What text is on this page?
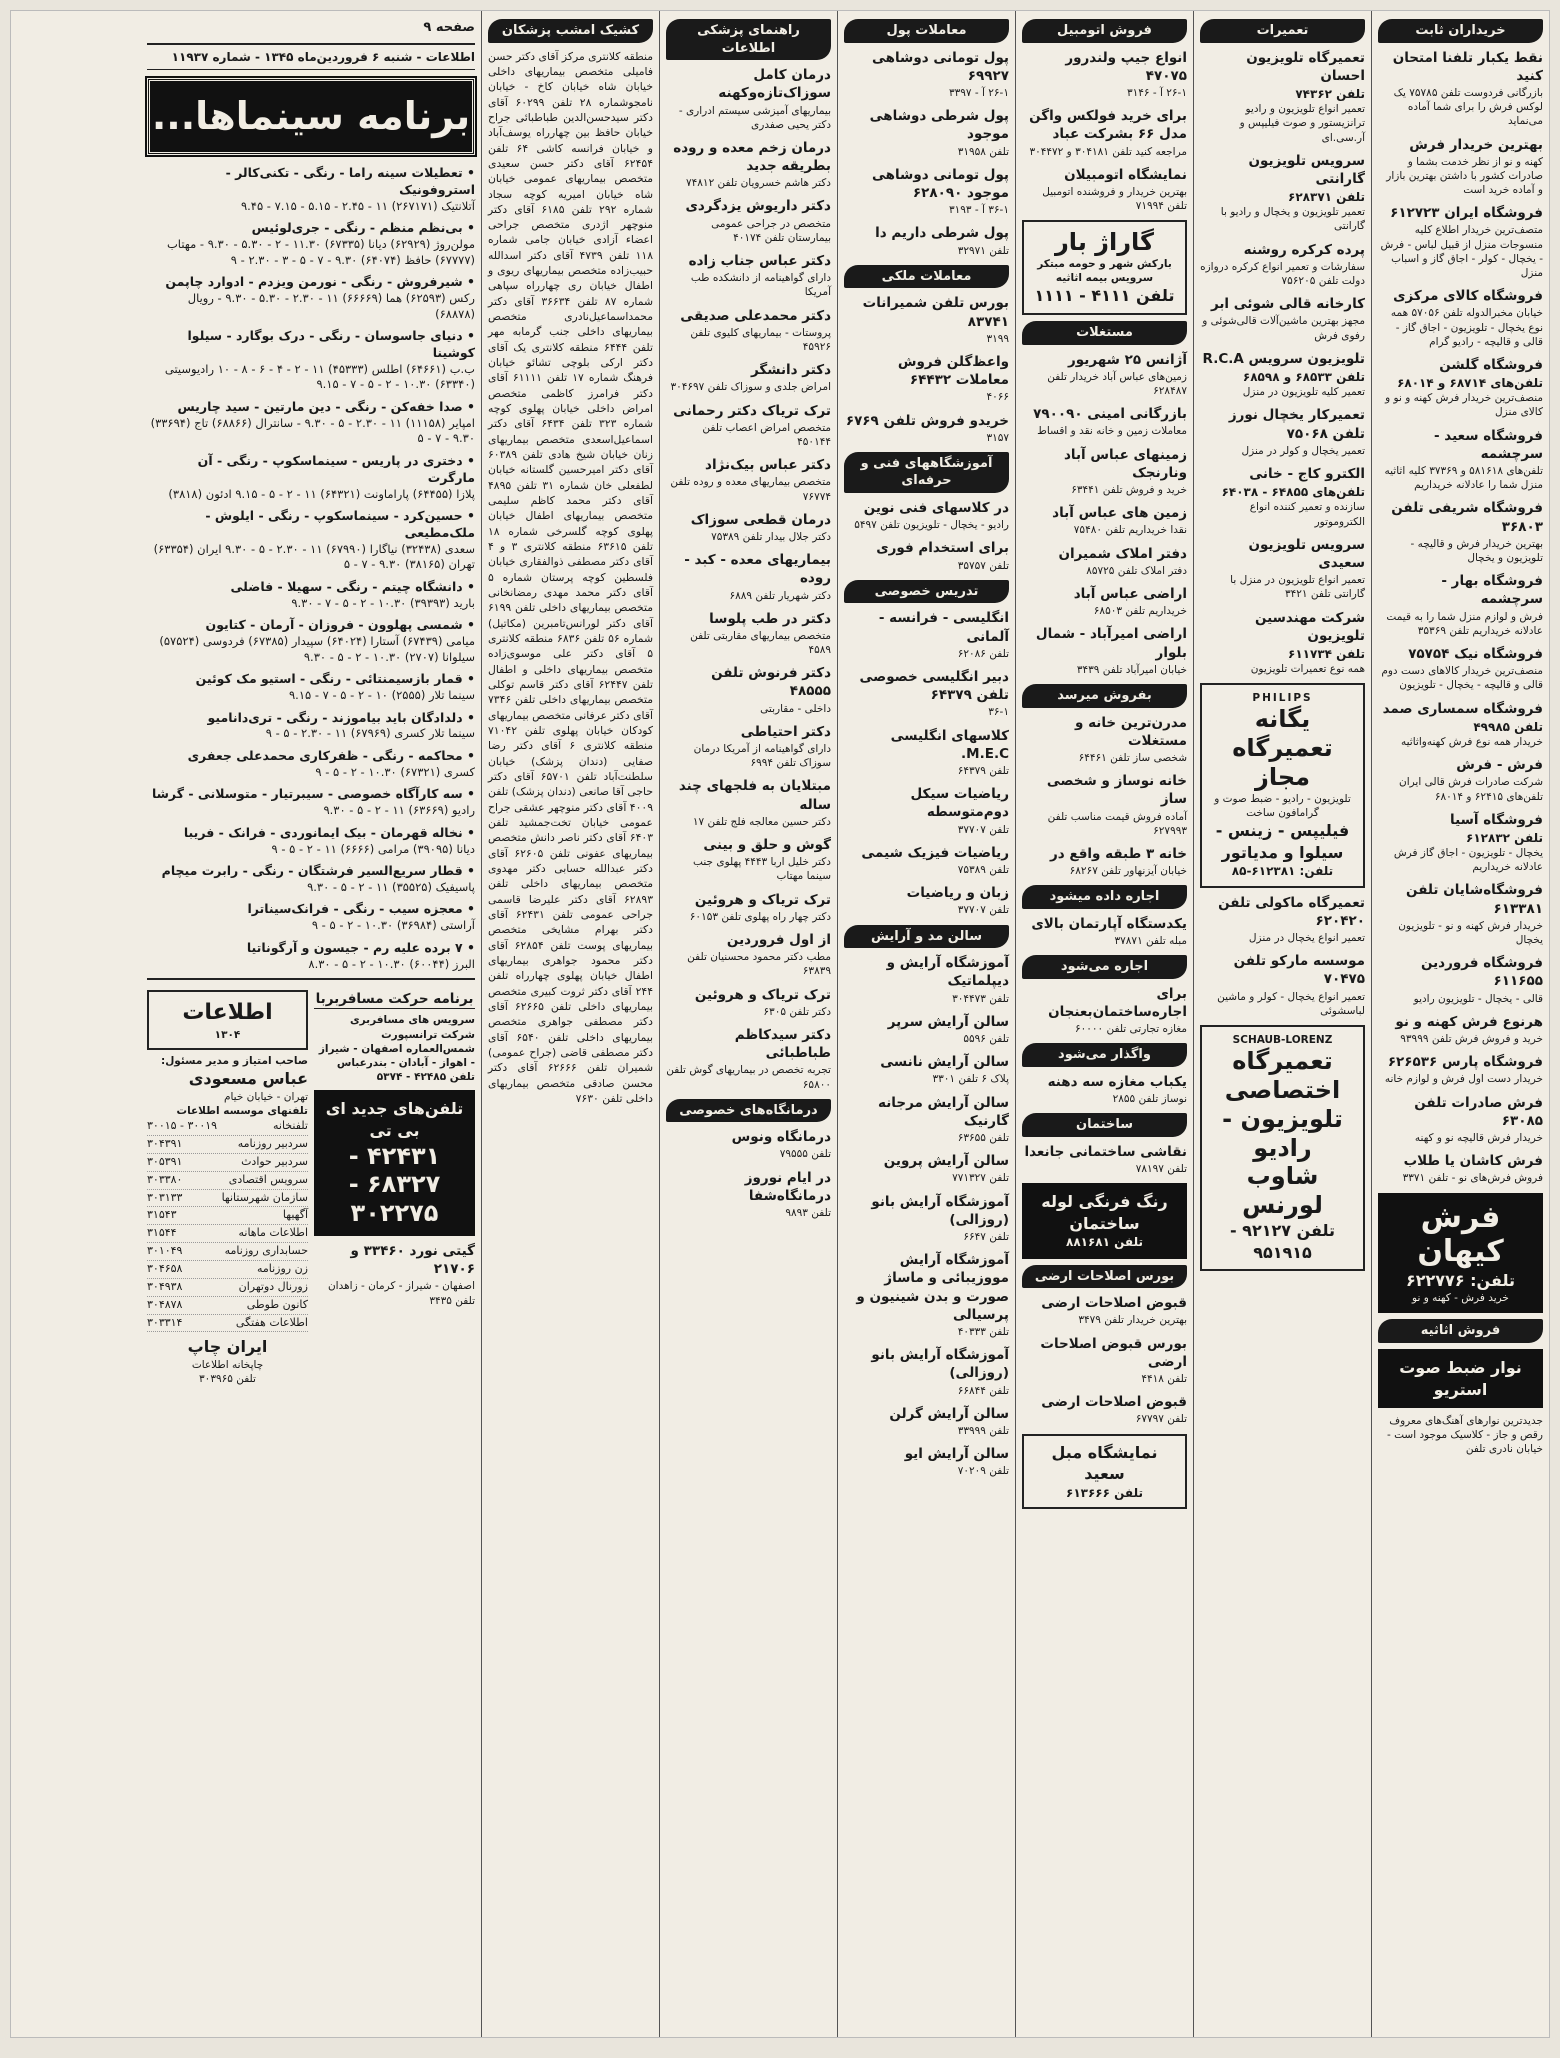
خریداران ثابت
نقط یکبار تلفنا امتحان کنید
بازرگانی فردوست تلفن ۷۵۷۸۵ یک لوکس فرش را برای شما آماده می‌نماید
بهترین خریدار فرش
کهنه و نو از نظر خدمت بشما و صادرات کشور با داشتن بهترین بازار و آماده خرید است
فروشگاه ایران ۶۱۲۷۲۳
متصف‌ترین خریدار اطلاع کلیه منسوجات منزل از قبیل لباس - فرش - یخچال - کولر - اجاق گاز و اسباب منزل
فروشگاه کالای مرکزی
خیابان مخبرالدوله تلفن ۵۷۰۵۶ همه نوع یخچال - تلویزیون - اجاق گاز - قالی و قالیچه - رادیو گرام
فروشگاه گلشن
تلفن‌های ۶۸۷۱۴ و ۶۸۰۱۴
منصف‌ترین خریدار فرش کهنه و نو و کالای منزل
فروشگاه سعید - سرچشمه
تلفن‌های ۵۸۱۶۱۸ و ۳۷۳۶۹ کلیه اثاثیه منزل شما را عادلانه خریداریم
فروشگاه شریفی تلفن ۳۶۸۰۳
بهترین خریدار فرش و قالیچه - تلویزیون و یخچال
فروشگاه بهار - سرچشمه
فرش و لوازم منزل شما را به قیمت عادلانه خریداریم تلفن ۳۵۳۶۹
فروشگاه نیک ۷۵۷۵۴
منصف‌ترین خریدار کالاهای دست دوم قالی و قالیچه - یخچال - تلویزیون
فروشگاه سمساری صمد
تلفن ۴۹۹۸۵
خریدار همه نوع فرش کهنه‌واثاثیه
فرش - فرش
شرکت صادرات فرش قالی ایران تلفن‌های ۶۲۴۱۵ و ۶۸۰۱۴
فروشگاه آسیا
تلفن ۶۱۲۸۳۲
یخچال - تلویزیون - اجاق گاز فرش عادلانه خریداریم
فروشگاه‌شایان تلفن ۶۱۳۳۸۱
خریدار فرش کهنه و نو - تلویزیون یخچال
فروشگاه فروردین ۶۱۱۶۵۵
قالی - یخچال - تلویزیون رادیو
هرنوع فرش کهنه و نو
خرید و فروش فرش تلفن ۹۳۹۹۹
فروشگاه پارس ۶۲۶۵۳۶
خریدار دست اول فرش و لوازم خانه
فرش صادرات تلفن ۶۳۰۸۵
خریدار فرش قالیچه نو و کهنه
فرش کاشان یا طلاب
فروش فرش‌های نو - تلفن ۳۳۷۱
فرش کیهان
تلفن: ۶۲۲۷۷۶
خرید فرش - کهنه و نو
فروش اثاثیه
نوار ضبط صوت استریو
جدیدترین نوارهای آهنگ‌های معروف رقص و جاز - کلاسیک موجود است - خیابان نادری تلفن
تعمیرات
تعمیرگاه تلویزیون احسان
تلفن ۷۴۳۶۲
تعمیر انواع تلویزیون و رادیو ترانزیستور و صوت فیلیپس و آر.سی.ای
سرویس تلویزیون گارانتی
تلفن ۶۲۸۳۷۱
تعمیر تلویزیون و یخچال و رادیو با گارانتی
پرده کرکره روشنه
سفارشات و تعمیر انواع کرکره دروازه دولت تلفن ۷۵۶۲۰۵
کارخانه قالی شوئی ابر
مجهز بهترین ماشین‌آلات قالی‌شوئی و رفوی فرش
تلویزیون سرویس R.C.A
تلفن ۶۸۵۳۳ و ۶۸۵۹۸
تعمیر کلیه تلویزیون در منزل
تعمیرکار یخچال نورز تلفن ۷۵۰۶۸
تعمیر یخچال و کولر در منزل
الکترو کاج - خانی
تلفن‌های ۶۴۸۵۵ - ۶۴۰۳۸
سازنده و تعمیر کننده انواع الکتروموتور
سرویس تلویزیون سعیدی
تعمیر انواع تلویزیون در منزل با گارانتی تلفن ۳۴۲۱
شرکت مهندسین تلویزیون
تلفن ۶۱۱۷۳۴
همه نوع تعمیرات تلویزیون
PHILIPS
یگانه تعمیرگاه مجاز
تلویزیون - رادیو - ضبط صوت و گرامافون ساخت
فیلیپس - زینس - سیلوا و مدیاتور
تلفن: ۶۱۲۳۸۱-۸۵
تعمیرگاه ماکولی تلفن ۶۲۰۴۲۰
تعمیر انواع یخچال در منزل
موسسه مارکو تلفن ۷۰۴۷۵
تعمیر انواع یخچال - کولر و ماشین لباسشوئی
SCHAUB-LORENZ
تعمیرگاه اختصاصی
تلویزیون - رادیو
شاوب لورنس
تلفن ۹۲۱۲۷ - ۹۵۱۹۱۵
فروش اتومبیل
انواع جیپ ولندرور ۴۷۰۷۵
۲۶-۱ آ - ۳۱۴۶
برای خرید فولکس واگن مدل ۶۶ بشرکت عباد
مراجعه کنید تلفن ۳۰۴۱۸۱ و ۳۰۴۴۷۲
نمایشگاه اتومبیلان
بهترین خریدار و فروشنده اتومبیل تلفن ۷۱۹۹۴
گاراژ بار
بارکش شهر و حومه مبتکر سرویس بیمه اثاثیه
تلفن ۴۱۱۱ - ۱۱۱۱
مستغلات
آژانس ۲۵ شهریور
زمین‌های عباس آباد خریدار تلفن ۶۲۸۴۸۷
بازرگانی امینی ۷۹۰۰۹۰
معاملات زمین و خانه نقد و اقساط
زمینهای عباس آباد ونارنجک
خرید و فروش تلفن ۶۳۴۴۱
زمین های عباس آباد
نقدا خریداریم تلفن ۷۵۴۸۰
دفتر املاک شمیران
دفتر املاک تلفن ۸۵۷۲۵
اراضی عباس آباد
خریداریم تلفن ۶۸۵۰۳
اراضی امیرآباد - شمال بلوار
خیابان امیرآباد تلفن ۳۴۳۹
بفروش میرسد
مدرن‌ترین خانه و مستغلات
شخصی ساز تلفن ۶۴۴۶۱
خانه نوساز و شخصی ساز
آماده فروش قیمت مناسب تلفن ۶۲۷۹۹۳
خانه ۳ طبقه واقع در
خیابان آیزنهاور تلفن ۶۸۲۶۷
اجاره داده میشود
یکدستگاه آپارتمان بالای
مبله تلفن ۳۷۸۷۱
اجاره می‌شود
برای اجاره‌ساختمان‌بعنجان
مغازه تجارتی تلفن ۶۰۰۰۰
واگذار می‌شود
یکباب مغازه سه دهنه
نوساز تلفن ۲۸۵۵
ساختمان
نقاشی ساختمانی جانعدا
تلفن ۷۸۱۹۷
رنگ فرنگی لوله ساختمان
تلفن ۸۸۱۶۸۱
بورس اصلاحات ارضی
قبوض اصلاحات ارضی
بهترین خریدار تلفن ۳۴۷۹
بورس قبوض اصلاحات ارضی
تلفن ۴۴۱۸
قبوض اصلاحات ارضی
تلفن ۶۷۷۹۷
نمایشگاه مبل سعید
تلفن ۶۱۳۶۶۶
معاملات پول
پول تومانی دوشاهی ۶۹۹۲۷
۲۶-۱ آ - ۳۳۹۷
پول شرطی دوشاهی موجود
تلفن ۳۱۹۵۸
پول تومانی دوشاهی موجود ۶۲۸۰۹۰
۳۶-۱ آ - ۳۱۹۳
پول شرطی داریم دا
تلفن ۳۲۹۷۱
معاملات ملکی
بورس تلفن شمیرانات ۸۳۷۴۱
۳۱۹۹
واعظ‌گلن فروش معاملات ۶۴۴۳۲
۴۰۶۶
خریدو فروش تلفن ۶۷۶۹
۳۱۵۷
آموزشگاههای فنی و حرفه‌ای
در کلاسهای فنی نوین
رادیو - یخچال - تلویزیون تلفن ۵۴۹۷
برای استخدام فوری
تلفن ۳۵۷۵۷
تدریس خصوصی
انگلیسی - فرانسه - آلمانی
تلفن ۶۲۰۸۶
دبیر انگلیسی خصوصی تلفن ۶۴۳۷۹
۳۶-۱
کلاسهای انگلیسی M.E.C.
تلفن ۶۴۳۷۹
ریاضیات سیکل دوم‌متوسطه
تلفن ۳۷۷۰۷
ریاضیات فیزیک شیمی
تلفن ۷۵۳۸۹
زبان و ریاضیات
تلفن ۳۷۷۰۷
سالن مد و آرایش
آموزشگاه آرایش و دیپلماتیک
تلفن ۳۰۴۴۷۳
سالن آرایش سرپر
تلفن ۵۵۹۶
سالن آرایش نانسی
پلاک ۶ تلفن ۳۳۰۱
سالن آرایش مرجانه گارنیک
تلفن ۶۳۶۵۵
سالن آرایش پروین
تلفن ۷۷۱۳۲۷
آموزشگاه آرایش بانو (روزالی)
تلفن ۶۶۴۷
آموزشگاه آرایش مووزیبائی و ماساژ صورت و بدن شینیون و پرسیالی
تلفن ۴۰۳۳۳
آموزشگاه آرایش بانو (روزالی)
تلفن ۶۶۸۴۴
سالن آرایش گرلن
تلفن ۳۳۹۹۹
سالن آرایش ایو
تلفن ۷۰۲۰۹
راهنمای پزشکی اطلاعات
درمان کامل سوزاک‌تازه‌وکهنه
بیماریهای آمیزشی سیستم ادراری - دکتر یحیی صفدری
درمان زخم معده و روده بطریقه جدید
دکتر هاشم خسرویان تلفن ۷۴۸۱۲
دکتر داریوش یزدگردی
متخصص در جراحی عمومی بیمارستان تلفن ۴۰۱۷۴
دکتر عباس جناب زاده
دارای گواهینامه از دانشکده طب آمریکا
دکتر محمدعلی صدیقی
پروستات - بیماریهای کلیوی تلفن ۴۵۹۲۶
دکتر دانشگر
امراض جلدی و سوزاک تلفن ۳۰۴۶۹۷
ترک تریاک دکتر رحمانی
متخصص امراض اعصاب تلفن ۴۵۰۱۴۴
دکتر عباس بیک‌نژاد
متخصص بیماریهای معده و روده تلفن ۷۶۷۷۴
درمان قطعی سوزاک
دکتر جلال بیدار تلفن ۷۵۳۸۹
بیماریهای معده - کبد - روده
دکتر شهریار تلفن ۶۸۸۹
دکتر در طب پلوسا
متخصص بیماریهای مقاربتی تلفن ۴۵۸۹
دکتر فرنوش تلفن ۴۸۵۵۵
داخلی - مقاربتی
دکتر احتیاطی
دارای گواهینامه از آمریکا درمان سوزاک تلفن ۶۹۹۴
مبتلایان به فلجهای چند ساله
دکتر حسین معالجه فلج تلفن ۱۷
گوش و حلق و بینی
دکتر خلیل اربا ۴۴۴۳ پهلوی جنب سینما مهتاب
ترک تریاک و هروئین
دکتر چهار راه پهلوی تلفن ۶۰۱۵۳
از اول فروردین
مطب دکتر محمود محسنیان تلفن ۶۳۸۳۹
ترک تریاک و هروئین
دکتر تلفن ۶۳۰۵
دکتر سیدکاظم طباطبائی
تجربه تخصص در بیماریهای گوش تلفن ۶۵۸۰۰
درمانگاه‌های خصوصی
درمانگاه ونوس
تلفن ۷۹۵۵۵
در ایام نوروز درمانگاه‌شفا
تلفن ۹۸۹۳
کشیک امشب پزشکان
منطقه کلانتری مرکز آقای دکتر حسن فامیلی متخصص بیماریهای داخلی خیابان شاه خیابان کاخ - خیابان نامجوشماره ۲۸ تلفن ۶۰۲۹۹ آقای دکتر سیدحسن‌الدین طباطبائی جراح خیابان حافظ بین چهارراه یوسف‌آباد و خیابان فرانسه کاشی ۶۴ تلفن ۶۲۴۵۴ آقای دکتر حسن سعیدی متخصص بیماریهای عمومی خیابان شاه خیابان امیریه کوچه سجاد شماره ۲۹۲ تلفن ۶۱۸۵ آقای دکتر منوچهر اژدری متخصص جراحی اعضاء آزادی خیابان جامی شماره ۱۱۸ تلفن ۴۷۳۹ آقای دکتر اسدالله حبیب‌زاده متخصص بیماریهای ریوی و اطفال خیابان ری چهارراه سپاهی شماره ۸۷ تلفن ۳۶۶۳۴ آقای دکتر محمداسماعیل‌نادری متخصص بیماریهای داخلی جنب گرمابه مهر تلفن ۶۴۴۴ منطقه کلانتری یک آقای دکتر ارکی بلوچی تشائو خیابان فرهنگ شماره ۱۷ تلفن ۶۱۱۱۱ آقای دکتر فرامرز کاظمی متخصص امراض داخلی خیابان پهلوی کوچه شماره ۳۲۳ تلفن ۶۴۳۴ آقای دکتر اسماعیل‌اسعدی متخصص بیماریهای زنان خیابان شیخ هادی تلفن ۶۰۳۸۹ آقای دکتر امیرحسین گلستانه خیابان لطفعلی خان شماره ۳۱ تلفن ۴۸۹۵ آقای دکتر محمد کاظم سلیمی متخصص بیماریهای اطفال خیابان پهلوی کوچه گلسرخی شماره ۱۸ تلفن ۶۳۶۱۵ منطقه کلانتری ۳ و ۴ آقای دکتر مصطفی ذوالفقاری خیابان فلسطین کوچه پرستان شماره ۵ آقای دکتر محمد مهدی رمضانخانی متخصص بیماریهای داخلی تلفن ۶۱۹۹ آقای دکتر لورانس‌تامبرین (مکاتیل) شماره ۵۶ تلفن ۶۸۳۶ منطقه کلانتری ۵ آقای دکتر علی موسوی‌زاده متخصص بیماریهای داخلی و اطفال تلفن ۶۲۴۴۷ آقای دکتر قاسم توکلی متخصص بیماریهای داخلی تلفن ۷۳۴۶ آقای دکتر عرفانی متخصص بیماریهای کودکان خیابان پهلوی تلفن ۷۱۰۴۲ منطقه کلانتری ۶ آقای دکتر رضا صفایی (دندان پزشک) خیابان سلطنت‌آباد تلفن ۶۵۷۰۱ آقای دکتر حاجی آقا صانعی (دندان پزشک) تلفن ۴۰۰۹ آقای دکتر منوچهر عشقی جراح عمومی خیابان تخت‌جمشید تلفن ۶۴۰۳ آقای دکتر ناصر دانش متخصص بیماریهای عفونی تلفن ۶۲۶۰۵ آقای دکتر عبدالله حسابی دکتر مهدوی متخصص بیماریهای داخلی تلفن ۶۲۸۹۳ آقای دکتر علیرضا قاسمی جراحی عمومی تلفن ۶۲۴۳۱ آقای دکتر بهرام مشایخی متخصص بیماریهای پوست تلفن ۶۲۸۵۴ آقای دکتر محمود جواهری بیماریهای اطفال خیابان پهلوی چهارراه تلفن ۲۴۴ آقای دکتر ثروت کبیری متخصص بیماریهای داخلی تلفن ۶۲۶۶۵ آقای دکتر مصطفی جواهری متخصص بیماریهای داخلی تلفن ۶۵۴۰ آقای دکتر مصطفی قاضی (جراح عمومی) شمیران تلفن ۶۲۶۶۶ آقای دکتر محسن صادقی متخصص بیماریهای داخلی تلفن ۷۶۳۰
صفحه ۹
اطلاعات - شنبه ۶ فروردین‌ماه ۱۳۴۵ - شماره ۱۱۹۳۷
برنامه سینماها...
• تعطیلات سینه راما - رنگی - تکنی‌کالر - استروفونیک
آتلانتیک (۲۶۷۱۷۱) ۱۱ - ۲.۴۵ - ۵.۱۵ - ۷.۱۵ - ۹.۴۵
• بی‌نظم منظم - رنگی - جری‌لوئیس
مولن‌روژ (۶۲۹۲۹) دیانا (۶۷۳۳۵) ۱۱.۳۰ - ۲ - ۵.۳۰ - ۹.۳۰ - مهتاب (۶۷۷۷۷) حافظ (۶۴۰۷۴) ۹.۳۰ - ۷ - ۵ - ۳ - ۲.۳۰ - ۹
• شیرفروش - رنگی - نورمن ویزدم - ادوارد چاپمن
رکس (۶۲۵۹۳) هما (۶۶۶۶۹) ۱۱ - ۲.۳۰ - ۵.۳۰ - ۹.۳۰ - رویال (۶۸۸۷۸)
• دنیای جاسوسان - رنگی - درک بوگارد - سیلوا کوشینا
ب.ب (۶۴۶۶۱) اطلس (۴۵۳۳۳) ۱۱ - ۲ - ۴ - ۶ - ۸ - ۱۰ رادیوسیتی (۶۳۳۴۰) ۱۰.۳۰ - ۲ - ۵ - ۷ - ۹.۱۵
• صدا خفه‌کن - رنگی - دین مارتین - سید چاریس
امپایر (۱۱۱۵۸) ۱۱ - ۲.۳۰ - ۵ - ۹.۳۰ - سانترال (۶۸۸۶۶) تاج (۳۳۶۹۴) ۹.۳۰ - ۷ - ۵
• دختری در پاریس - سینماسکوپ - رنگی - آن مارگرت
پلازا (۶۴۴۵۵) پاراماونت (۶۴۳۲۱) ۱۱ - ۲ - ۵ - ۹.۱۵ ادئون (۳۸۱۸)
• حسین‌کرد - سینماسکوپ - رنگی - ایلوش - ملک‌مطیعی
سعدی (۳۲۴۳۸) نیاگارا (۶۷۹۹۰) ۱۱ - ۲.۳۰ - ۵ - ۹.۳۰ ایران (۶۳۳۵۴) تهران (۳۸۱۶۵) ۹.۳۰ - ۷ - ۵
• دانشگاه چیتم - رنگی - سهیلا - فاضلی
بارید (۳۹۳۹۳) ۱۰.۳۰ - ۲ - ۵ - ۷ - ۹.۳۰
• شمسی پهلوون - فروزان - آرمان - کتایون
میامی (۶۷۴۳۹) آستارا (۶۴۰۲۴) سپیدار (۶۷۳۸۵) فردوسی (۵۷۵۲۴) سیلوانا (۲۷۰۷) ۱۰.۳۰ - ۲ - ۵ - ۹.۳۰
• قمار بازسیمنتائی - رنگی - استیو مک کوئین
سینما تلار (۲۵۵۵) ۱۰ - ۲ - ۵ - ۷ - ۹.۱۵
• دلدادگان باید بیاموزند - رنگی - تری‌دانامیو
سینما تلار کسری (۶۷۹۶۹) ۱۱ - ۲.۳۰ - ۵ - ۹
• محاکمه - رنگی - ظفر‌کاری محمدعلی جعفری
کسری (۶۷۳۲۱) ۱۰.۳۰ - ۲ - ۵ - ۹
• سه کارآگاه خصوصی - سیبرتیار - متوسلانی - گرشا
رادیو (۶۳۶۶۹) ۱۱ - ۲ - ۵ - ۹.۳۰
• نخاله قهرمان - بیک ایمانوردی - فرانک - فریبا
دیانا (۳۹۰۹۵) مرامی (۶۶۶۶) ۱۱ - ۲ - ۵ - ۹
• قطار سریع‌السیر فرشتگان - رنگی - رابرت میچام
پاسیفیک (۳۵۵۲۵) ۱۱ - ۲ - ۵ - ۹.۳۰
• معجزه سیب - رنگی - فرانک‌سیناترا
آراستی (۳۶۹۸۴) ۱۰.۳۰ - ۲ - ۵ - ۹
• ۷ برده علیه رم - جیسون و آرگوناتیا
البرز (۶۰۰۴۴) ۱۰.۳۰ - ۲ - ۵ - ۸.۳۰
اطلاعات
۱۳۰۴
صاحب امتیاز و مدیر مسئول:
عباس مسعودی
تهران - خیابان خیام
تلفنهای موسسه اطلاعات
تلفنخانه
۳۰۰۱۹ - ۳۰۰۱۵
سردبیر روزنامه
۳۰۴۳۹۱
سردبیر حوادث
۳۰۵۳۹۱
سرویس اقتصادی
۳۰۳۳۸۰
سازمان شهرستانها
۳۰۳۱۳۳
آگهیها
۳۱۵۴۳
اطلاعات ماهانه
۳۱۵۴۴
حسابداری روزنامه
۳۰۱۰۴۹
زن روزنامه
۳۰۴۶۵۸
زورنال دوتهران
۳۰۴۹۳۸
کانون طوطی
۳۰۴۸۷۸
اطلاعات هفتگی
۳۰۳۳۱۴
ایران چاپ
چاپخانه اطلاعات
تلفن ۳۰۳۹۶۵
برنامه حرکت مسافربربا
سرویس های مسافربری شرکت ترانسپورت شمس‌العماره اصفهان - شیراز - اهواز - آبادان - بندرعباس تلفن ۴۲۴۸۵ - ۵۳۷۴
تلفن‌های جدید ای بی تی
۴۲۴۳۱ - ۶۸۳۲۷ - ۳۰۲۲۷۵
گیتی نورد ۳۳۴۶۰ و ۲۱۷۰۶
اصفهان - شیراز - کرمان - زاهدان تلفن ۳۴۳۵
